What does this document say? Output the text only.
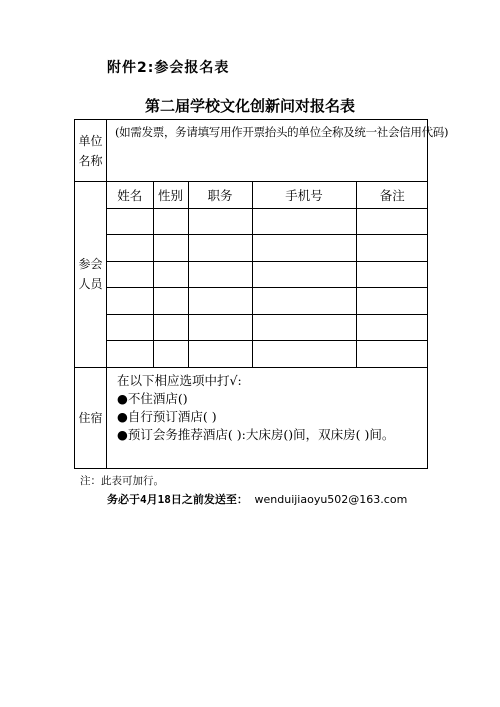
附件2:参会报名表
第二届学校文化创新问对报名表
单位
名称
	(如需发票，务请填写用作开票抬头的单位全称及统一社会信用代码)

参会
人员

姓名	性别	职务	手机号	备注

住宿	
在以下相应选项中打√:
●不住酒店()
●自行预订酒店( )
●预订会务推荐酒店( ):大床房()间，双床房( )间。
注：此表可加行。
务必于4月18日之前发送至： wenduijiaoyu502@163.com
